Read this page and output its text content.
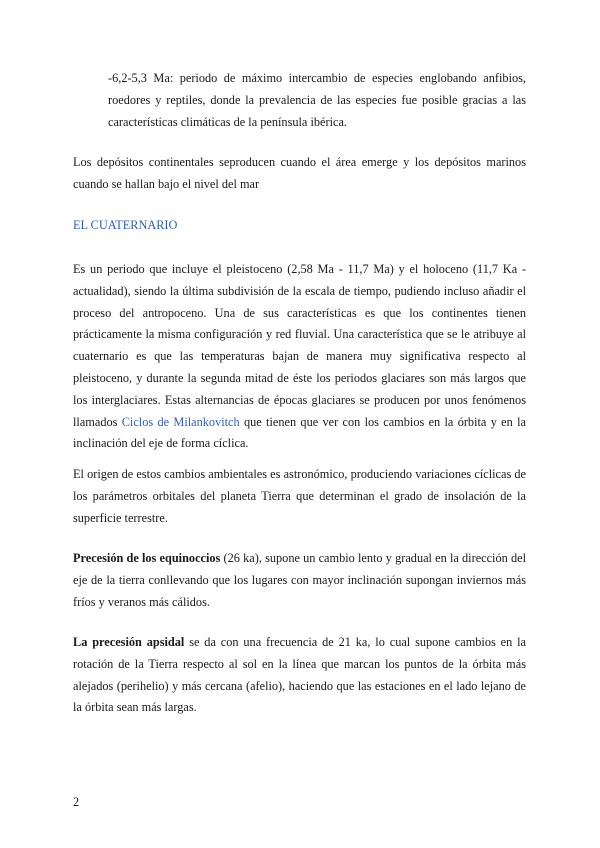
-6,2-5,3 Ma: periodo de máximo intercambio de especies englobando anfibios, roedores y reptiles, donde la prevalencia de las especies fue posible gracias a las características climáticas de la península ibérica.

Los depósitos continentales seproducen cuando el área emerge y los depósitos marinos cuando se hallan bajo el nivel del mar

EL CUATERNARIO

Es un periodo que incluye el pleistoceno (2,58 Ma - 11,7 Ma) y el holoceno (11,7 Ka - actualidad), siendo la última subdivisión de la escala de tiempo, pudiendo incluso añadir el proceso del antropoceno. Una de sus características es que los continentes tienen prácticamente la misma configuración y red fluvial. Una característica que se le atribuye al cuaternario es que las temperaturas bajan de manera muy significativa respecto al pleistoceno, y durante la segunda mitad de éste los periodos glaciares son más largos que los interglaciares. Estas alternancias de épocas glaciares se producen por unos fenómenos llamados Ciclos de Milankovitch que tienen que ver con los cambios en la órbita y en la inclinación del eje de forma cíclica.

El origen de estos cambios ambientales es astronómico, produciendo variaciones cíclicas de los parámetros orbitales del planeta Tierra que determinan el grado de insolación de la superficie terrestre.

Precesión de los equinoccios (26 ka), supone un cambio lento y gradual en la dirección del eje de la tierra conllevando que los lugares con mayor inclinación supongan inviernos más fríos y veranos más cálidos.

La precesión apsidal se da con una frecuencia de 21 ka, lo cual supone cambios en la rotación de la Tierra respecto al sol en la línea que marcan los puntos de la órbita más alejados (perihelio) y más cercana (afelio), haciendo que las estaciones en el lado lejano de la órbita sean más largas.

2
